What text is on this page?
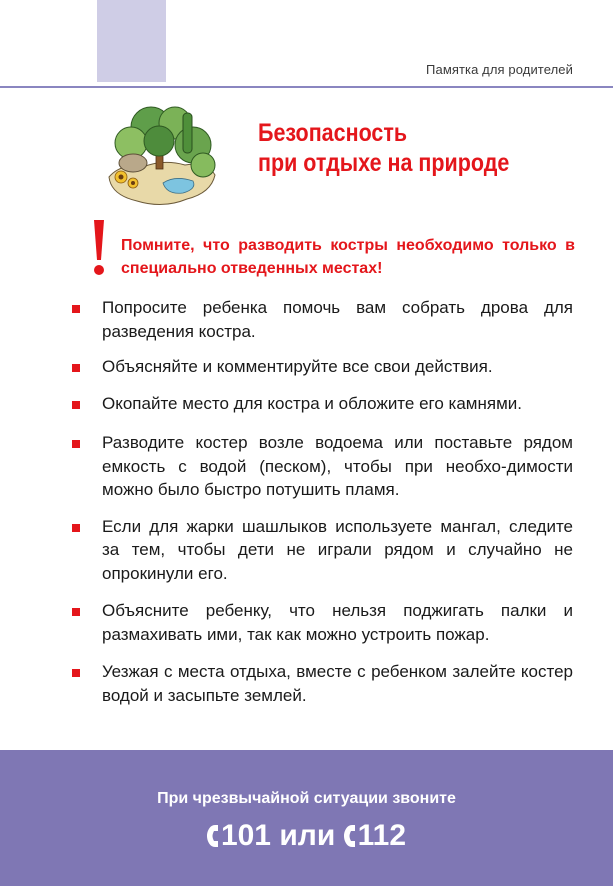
Памятка для родителей
Безопасность
при отдыхе на природе
Помните, что разводить костры необходимо только в специально отведенных местах!
Попросите ребенка помочь вам собрать дрова для разведения костра.
Объясняйте и комментируйте все свои действия.
Окопайте место для костра и обложите его камнями.
Разводите костер возле водоема или поставьте рядом емкость с водой (песком), чтобы при необхо-димости можно было быстро потушить пламя.
Если для жарки шашлыков используете мангал, следите за тем, чтобы дети не играли рядом и случайно не опрокинули его.
Объясните ребенку, что нельзя поджигать палки и размахивать ими, так как можно устроить пожар.
Уезжая с места отдыха, вместе с ребенком залейте костер водой и засыпьте землей.
При чрезвычайной ситуации звоните
101 или 112
